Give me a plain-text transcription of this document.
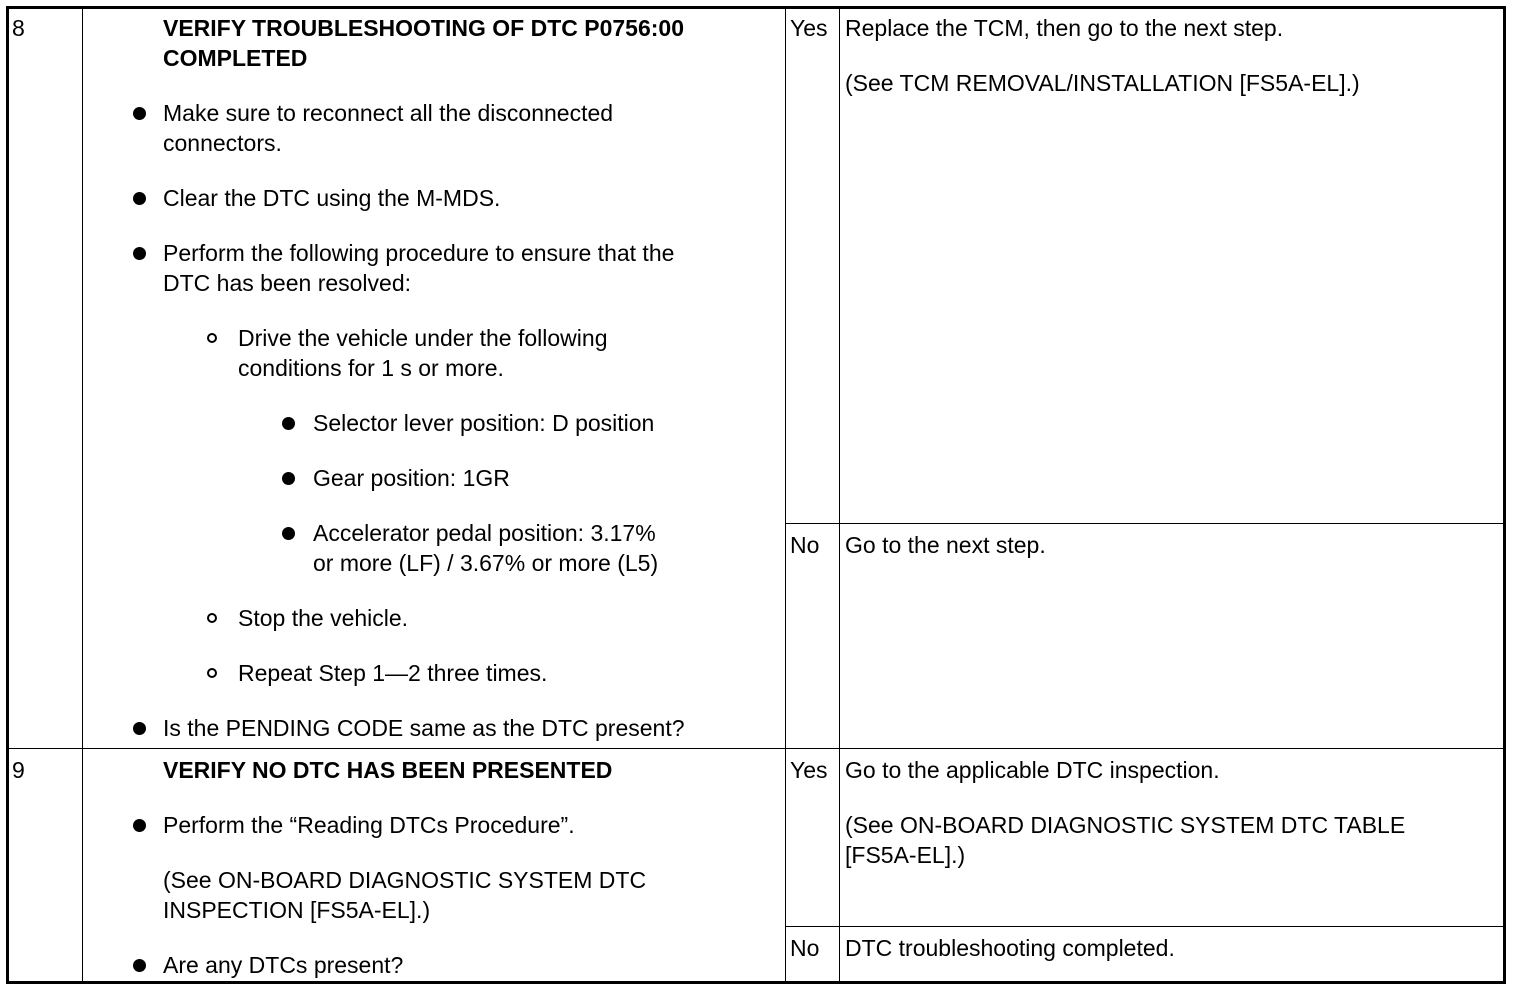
8	VERIFY TROUBLESHOOTING OF DTC P0756:00
COMPLETED
Make sure to reconnect all the disconnected
connectors.
Clear the DTC using the M-MDS.
Perform the following procedure to ensure that the
DTC has been resolved:
Drive the vehicle under the following
conditions for 1 s or more.
Selector lever position: D position
Gear position: 1GR
Accelerator pedal position: 3.17%
or more (LF) / 3.67% or more (L5)
Stop the vehicle.
Repeat Step 1—2 three times.
Is the PENDING CODE same as the DTC present?
Yes Replace the TCM, then go to the next step.
(See TCM REMOVAL/INSTALLATION [FS5A-EL].)
No Go to the next step.
9	VERIFY NO DTC HAS BEEN PRESENTED
Perform the “Reading DTCs Procedure”.
(See ON-BOARD DIAGNOSTIC SYSTEM DTC
INSPECTION [FS5A-EL].)
Are any DTCs present?
Yes Go to the applicable DTC inspection.
(See ON-BOARD DIAGNOSTIC SYSTEM DTC TABLE
[FS5A-EL].)
No DTC troubleshooting completed.
